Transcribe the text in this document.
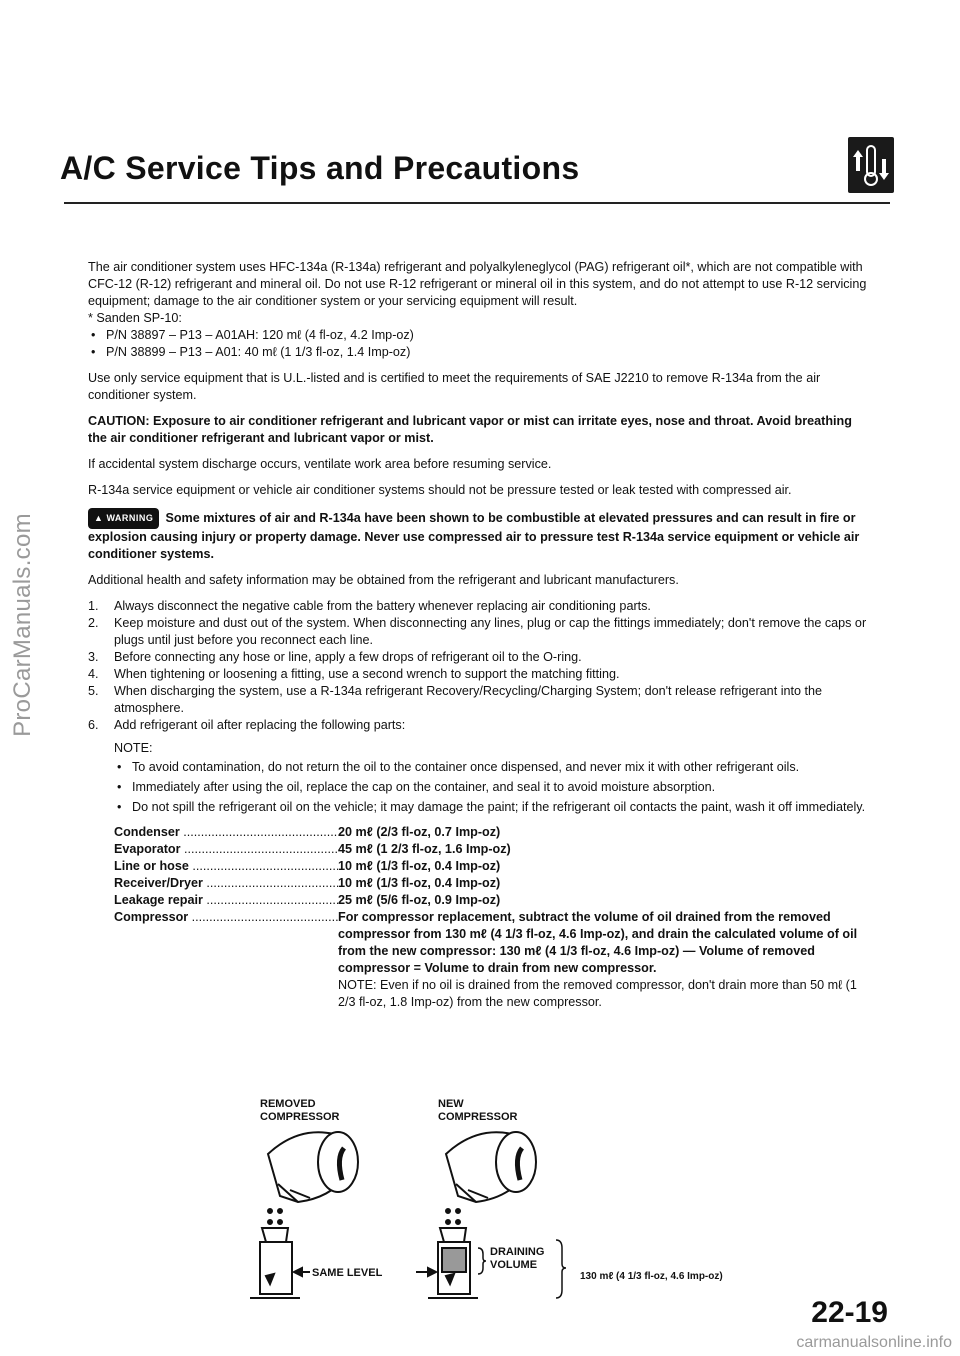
ProCarManuals.com
A/C Service Tips and Precautions

The air conditioner system uses HFC-134a (R-134a) refrigerant and polyalkyleneglycol (PAG) refrigerant oil*, which are not compatible with CFC-12 (R-12) refrigerant and mineral oil. Do not use R-12 refrigerant or mineral oil in this system, and do not attempt to use R-12 servicing equipment; damage to the air conditioner system or your servicing equipment will result.

* Sanden SP-10:
• P/N 38897 – P13 – A01AH: 120 mℓ (4 fl-oz, 4.2 Imp-oz)
• P/N 38899 – P13 – A01: 40 mℓ (1 1/3 fl-oz, 1.4 Imp-oz)

Use only service equipment that is U.L.-listed and is certified to meet the requirements of SAE J2210 to remove R-134a from the air conditioner system.

CAUTION: Exposure to air conditioner refrigerant and lubricant vapor or mist can irritate eyes, nose and throat. Avoid breathing the air conditioner refrigerant and lubricant vapor or mist.

If accidental system discharge occurs, ventilate work area before resuming service.

R-134a service equipment or vehicle air conditioner systems should not be pressure tested or leak tested with compressed air.

▲ WARNING Some mixtures of air and R-134a have been shown to be combustible at elevated pressures and can result in fire or explosion causing injury or property damage. Never use compressed air to pressure test R-134a service equipment or vehicle air conditioner systems.

Additional health and safety information may be obtained from the refrigerant and lubricant manufacturers.

1. Always disconnect the negative cable from the battery whenever replacing air conditioning parts.
2. Keep moisture and dust out of the system. When disconnecting any lines, plug or cap the fittings immediately; don't remove the caps or plugs until just before you reconnect each line.
3. Before connecting any hose or line, apply a few drops of refrigerant oil to the O-ring.
4. When tightening or loosening a fitting, use a second wrench to support the matching fitting.
5. When discharging the system, use a R-134a refrigerant Recovery/Recycling/Charging System; don't release refrigerant into the atmosphere.
6. Add refrigerant oil after replacing the following parts:
NOTE:
• To avoid contamination, do not return the oil to the container once dispensed, and never mix it with other refrigerant oils.
• Immediately after using the oil, replace the cap on the container, and seal it to avoid moisture absorption.
• Do not spill the refrigerant oil on the vehicle; it may damage the paint; if the refrigerant oil contacts the paint, wash it off immediately.
Condenser .....	20 mℓ (2/3 fl-oz, 0.7 Imp-oz)
Evaporator .....	45 mℓ (1 2/3 fl-oz, 1.6 Imp-oz)
Line or hose .....	10 mℓ (1/3 fl-oz, 0.4 Imp-oz)
Receiver/Dryer .....	10 mℓ (1/3 fl-oz, 0.4 Imp-oz)
Leakage repair .....	25 mℓ (5/6 fl-oz, 0.9 Imp-oz)
Compressor .....	For compressor replacement, subtract the volume of oil drained from the removed compressor from 130 mℓ (4 1/3 fl-oz, 4.6 Imp-oz), and drain the calculated volume of oil from the new compressor: 130 mℓ (4 1/3 fl-oz, 4.6 Imp-oz) — Volume of removed compressor = Volume to drain from new compressor.
NOTE: Even if no oil is drained from the removed compressor, don't drain more than 50 mℓ (1 2/3 fl-oz, 1.8 Imp-oz) from the new compressor.
REMOVED
COMPRESSOR
NEW
COMPRESSOR
SAME LEVEL
DRAINING
VOLUME
130 mℓ (4 1/3 fl-oz, 4.6 Imp-oz)
22-19
carmanualsonline.info
